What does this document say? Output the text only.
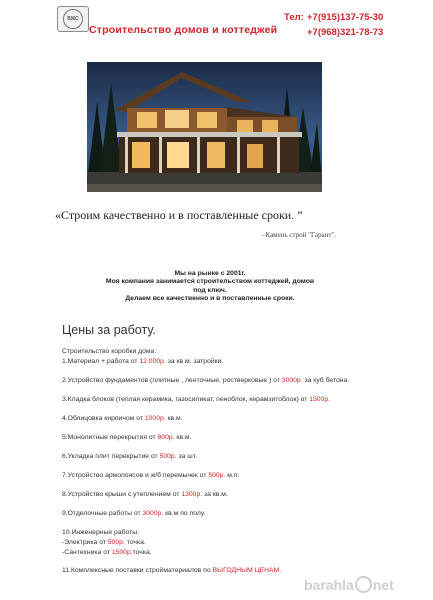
ВЖС
Строительство домов и коттеджей
Тел: +7(915)137-75-30
+7(968)321-78-73
«Строим качественно и в поставленные сроки. ”
–Камень строй "Гарант".
Мы на рынке с 2001г.
Моя компания занимается строительством коттеджей, домов
под ключ.
Делаем все качественно и в поставленные сроки.
Цены за работу.
Строительство коробки дома:
1.Материал + работа от 12 000р. за кв.м. затройки.
2.Устройство фундаментов (плитные , ленточные, ростверковые ) от 3000р. за куб бетона.
3.Кладка блоков (теплая керамика, газосиликат, пеноблок, керамзитоблок) от 1500р.
4.Облицовка кирпичом от 1000р. кв.м.
5.Монолитные перекрытия от 800р. кв.м.
6.Укладка плит перекрытие от 500р. за шт.
7.Устройство армопоясов и ж/б перемычек от 500р. м.п.
8.Устройство крыши с утеплением от 1300р. за кв.м.
9.Отделочные работы от 3000р. кв.м по полу.
10.Инженерные работы:
-Электрика от 500р. точка.
-Сантехника от 1500р.точка.
11.Комплексные поставки стройматериалов по ВЫГОДНЫМ ЦЕНАМ.
barahla net
